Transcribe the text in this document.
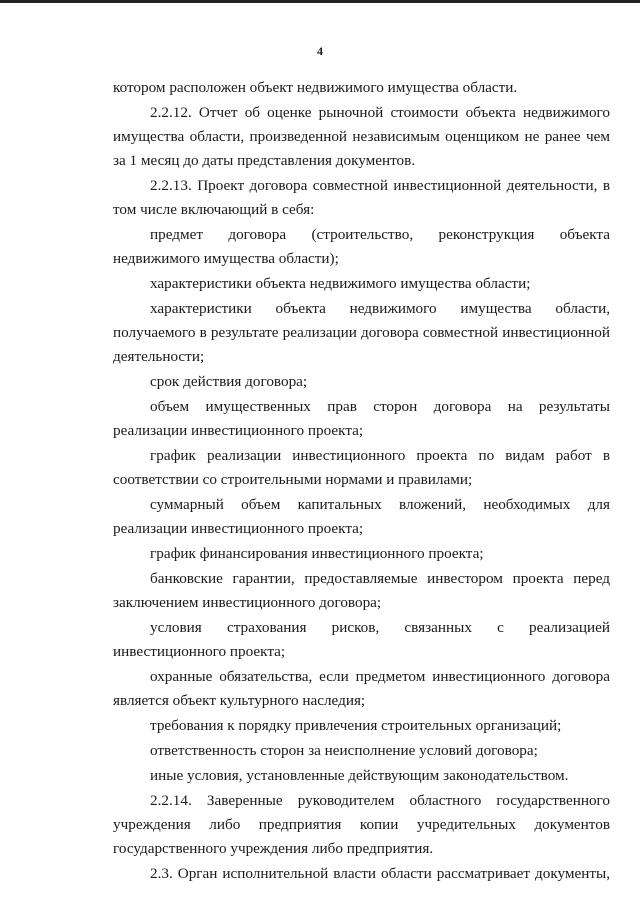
4

котором расположен объект недвижимого имущества области.

2.2.12. Отчет об оценке рыночной стоимости объекта недвижимого имущества области, произведенной независимым оценщиком не ранее чем за 1 месяц до даты представления документов.

2.2.13. Проект договора совместной инвестиционной деятельности, в том числе включающий в себя:

предмет договора (строительство, реконструкция объекта недвижимого имущества области);

характеристики объекта недвижимого имущества области;

характеристики объекта недвижимого имущества области, получаемого в результате реализации договора совместной инвестиционной деятельности;

срок действия договора;

объем имущественных прав сторон договора на результаты реализации инвестиционного проекта;

график реализации инвестиционного проекта по видам работ в соответствии со строительными нормами и правилами;

суммарный объем капитальных вложений, необходимых для реализации инвестиционного проекта;

график финансирования инвестиционного проекта;

банковские гарантии, предоставляемые инвестором проекта перед заключением инвестиционного договора;

условия страхования рисков, связанных с реализацией инвестиционного проекта;

охранные обязательства, если предметом инвестиционного договора является объект культурного наследия;

требования к порядку привлечения строительных организаций;

ответственность сторон за неисполнение условий договора;

иные условия, установленные действующим законодательством.

2.2.14. Заверенные руководителем областного государственного учреждения либо предприятия копии учредительных документов государственного учреждения либо предприятия.

2.3. Орган исполнительной власти области рассматривает документы,
